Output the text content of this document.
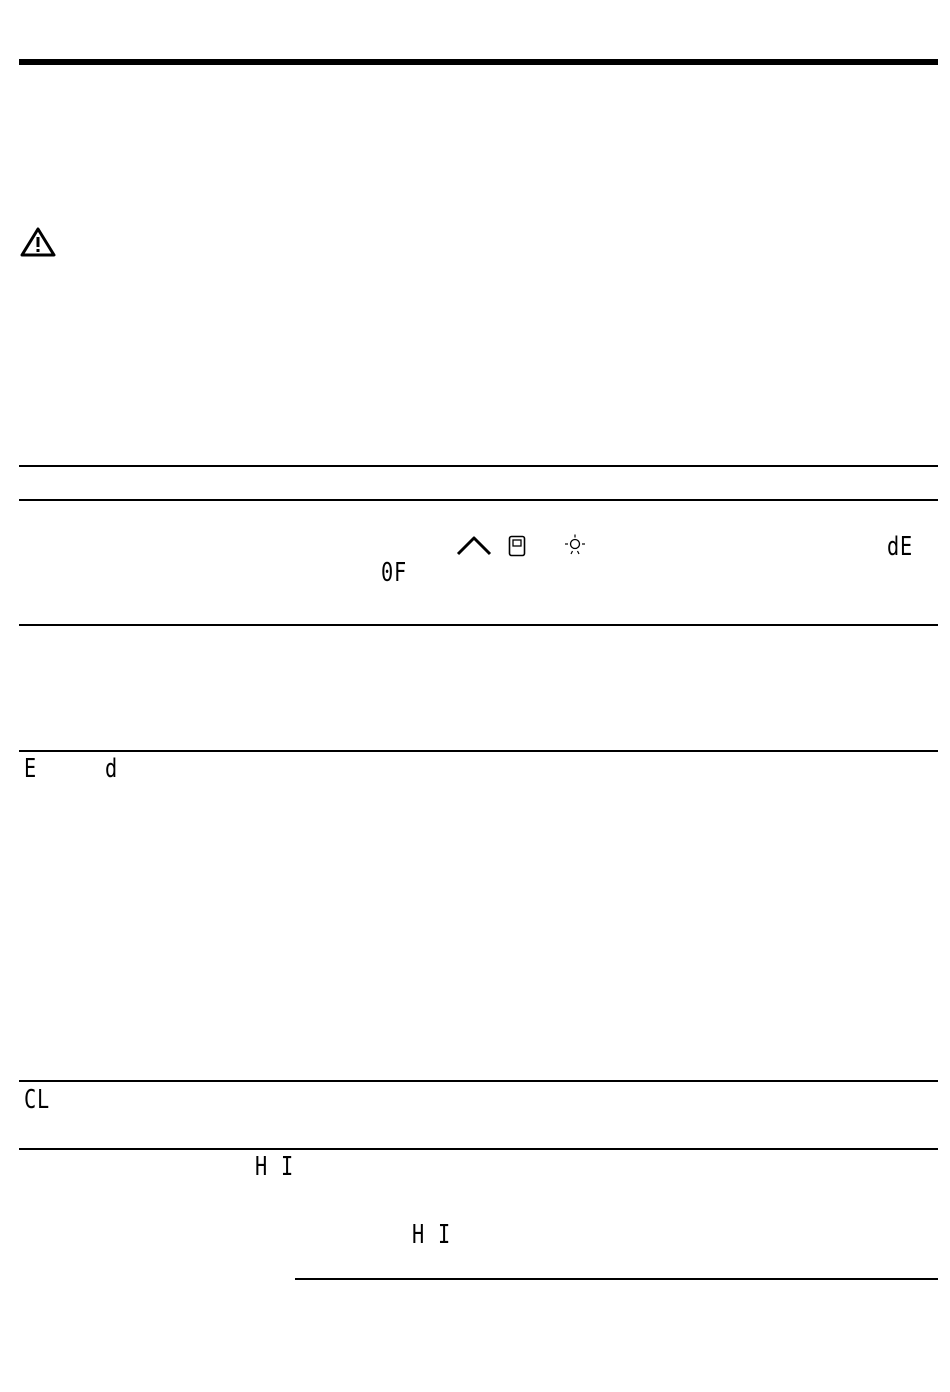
dE
0F
E	d
CL
H I
H I
